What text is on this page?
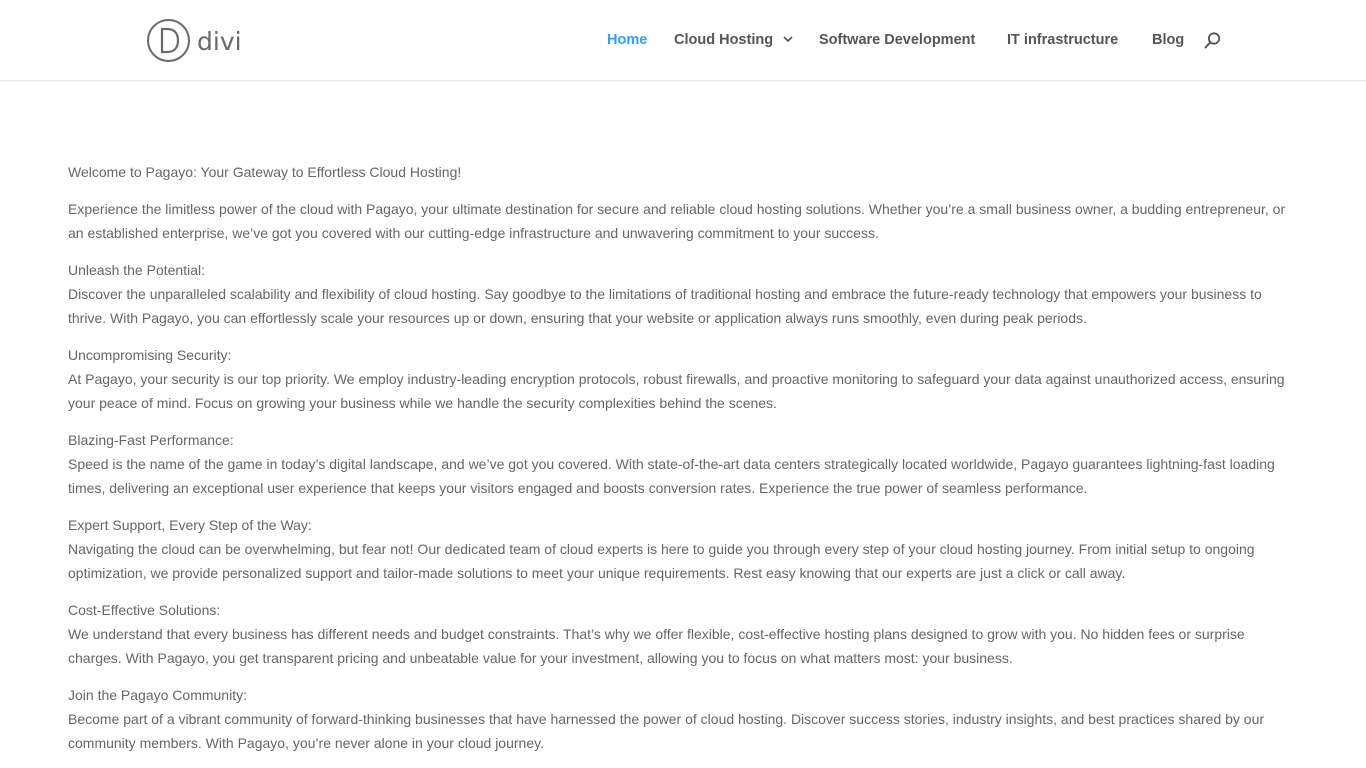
divi	Home Cloud Hosting	Software Development IT infrastructure Blog

Welcome to Pagayo: Your Gateway to Effortless Cloud Hosting!

Experience the limitless power of the cloud with Pagayo, your ultimate destination for secure and reliable cloud hosting solutions. Whether you’re a small business owner, a budding entrepreneur, or an established enterprise, we’ve got you covered with our cutting-edge infrastructure and unwavering commitment to your success.

Unleash the Potential:
Discover the unparalleled scalability and flexibility of cloud hosting. Say goodbye to the limitations of traditional hosting and embrace the future-ready technology that empowers your business to thrive. With Pagayo, you can effortlessly scale your resources up or down, ensuring that your website or application always runs smoothly, even during peak periods.

Uncompromising Security:
At Pagayo, your security is our top priority. We employ industry-leading encryption protocols, robust firewalls, and proactive monitoring to safeguard your data against unauthorized access, ensuring your peace of mind. Focus on growing your business while we handle the security complexities behind the scenes.

Blazing-Fast Performance:
Speed is the name of the game in today’s digital landscape, and we’ve got you covered. With state-of-the-art data centers strategically located worldwide, Pagayo guarantees lightning-fast loading times, delivering an exceptional user experience that keeps your visitors engaged and boosts conversion rates. Experience the true power of seamless performance.

Expert Support, Every Step of the Way:
Navigating the cloud can be overwhelming, but fear not! Our dedicated team of cloud experts is here to guide you through every step of your cloud hosting journey. From initial setup to ongoing optimization, we provide personalized support and tailor-made solutions to meet your unique requirements. Rest easy knowing that our experts are just a click or call away.

Cost-Effective Solutions:
We understand that every business has different needs and budget constraints. That’s why we offer flexible, cost-effective hosting plans designed to grow with you. No hidden fees or surprise charges. With Pagayo, you get transparent pricing and unbeatable value for your investment, allowing you to focus on what matters most: your business.

Join the Pagayo Community:
Become part of a vibrant community of forward-thinking businesses that have harnessed the power of cloud hosting. Discover success stories, industry insights, and best practices shared by our community members. With Pagayo, you’re never alone in your cloud journey.
